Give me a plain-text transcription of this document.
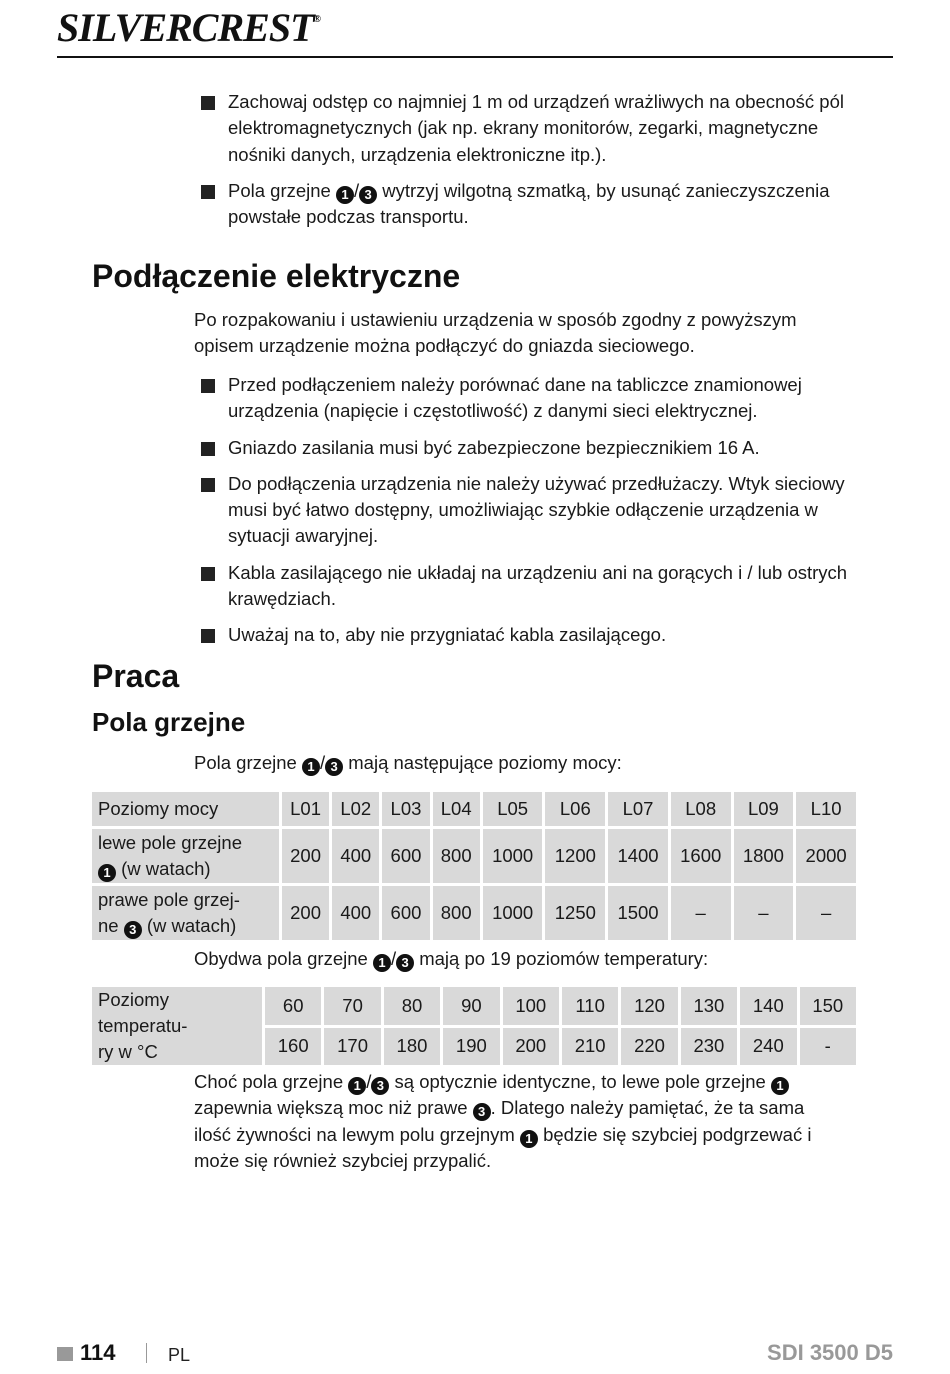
SILVERCREST®
Zachowaj odstęp co najmniej 1 m od urządzeń wrażliwych na obecność pól elektromagnetycznych (jak np. ekrany monitorów, zegarki, magnetyczne nośniki danych, urządzenia elektroniczne itp.).
Pola grzejne 1 / 3 wytrzyj wilgotną szmatką, by usunąć zanieczyszczenia powstałe podczas transportu.
Podłączenie elektryczne
Po rozpakowaniu i ustawieniu urządzenia w sposób zgodny z powyższym opisem urządzenie można podłączyć do gniazda sieciowego.
Przed podłączeniem należy porównać dane na tabliczce znamionowej urządzenia (napięcie i częstotliwość) z danymi sieci elektrycznej.
Gniazdo zasilania musi być zabezpieczone bezpiecznikiem 16 A.
Do podłączenia urządzenia nie należy używać przedłużaczy. Wtyk sieciowy musi być łatwo dostępny, umożliwiając szybkie odłączenie urządzenia w sytuacji awaryjnej.
Kabla zasilającego nie układaj na urządzeniu ani na gorących i / lub ostrych krawędziach.
Uważaj na to, aby nie przygniatać kabla zasilającego.
Praca
Pola grzejne
Pola grzejne 1 / 3 mają następujące poziomy mocy:
Poziomy mocy	L01	L02	L03	L04	L05	L06	L07	L08	L09	L10
lewe pole grzejne
1 (w watach)	200	400	600	800	1000	1200	1400	1600	1800	2000
prawe pole grzej-
ne 3 (w watach)	200	400	600	800	1000	1250	1500	–	–	–
Obydwa pola grzejne 1 / 3 mają po 19 poziomów temperatury:
Poziomy temperatu-
ry w °C	60	70	80	90	100	110	120	130	140	150
	160	170	180	190	200	210	220	230	240	-
Choć pola grzejne 1 / 3 są optycznie identyczne, to lewe pole grzejne 1 zapewnia większą moc niż prawe 3 . Dlatego należy pamiętać, że ta sama ilość żywności na lewym polu grzejnym 1 będzie się szybciej podgrzewać i może się również szybciej przypalić.
114	PL	SDI 3500 D5
